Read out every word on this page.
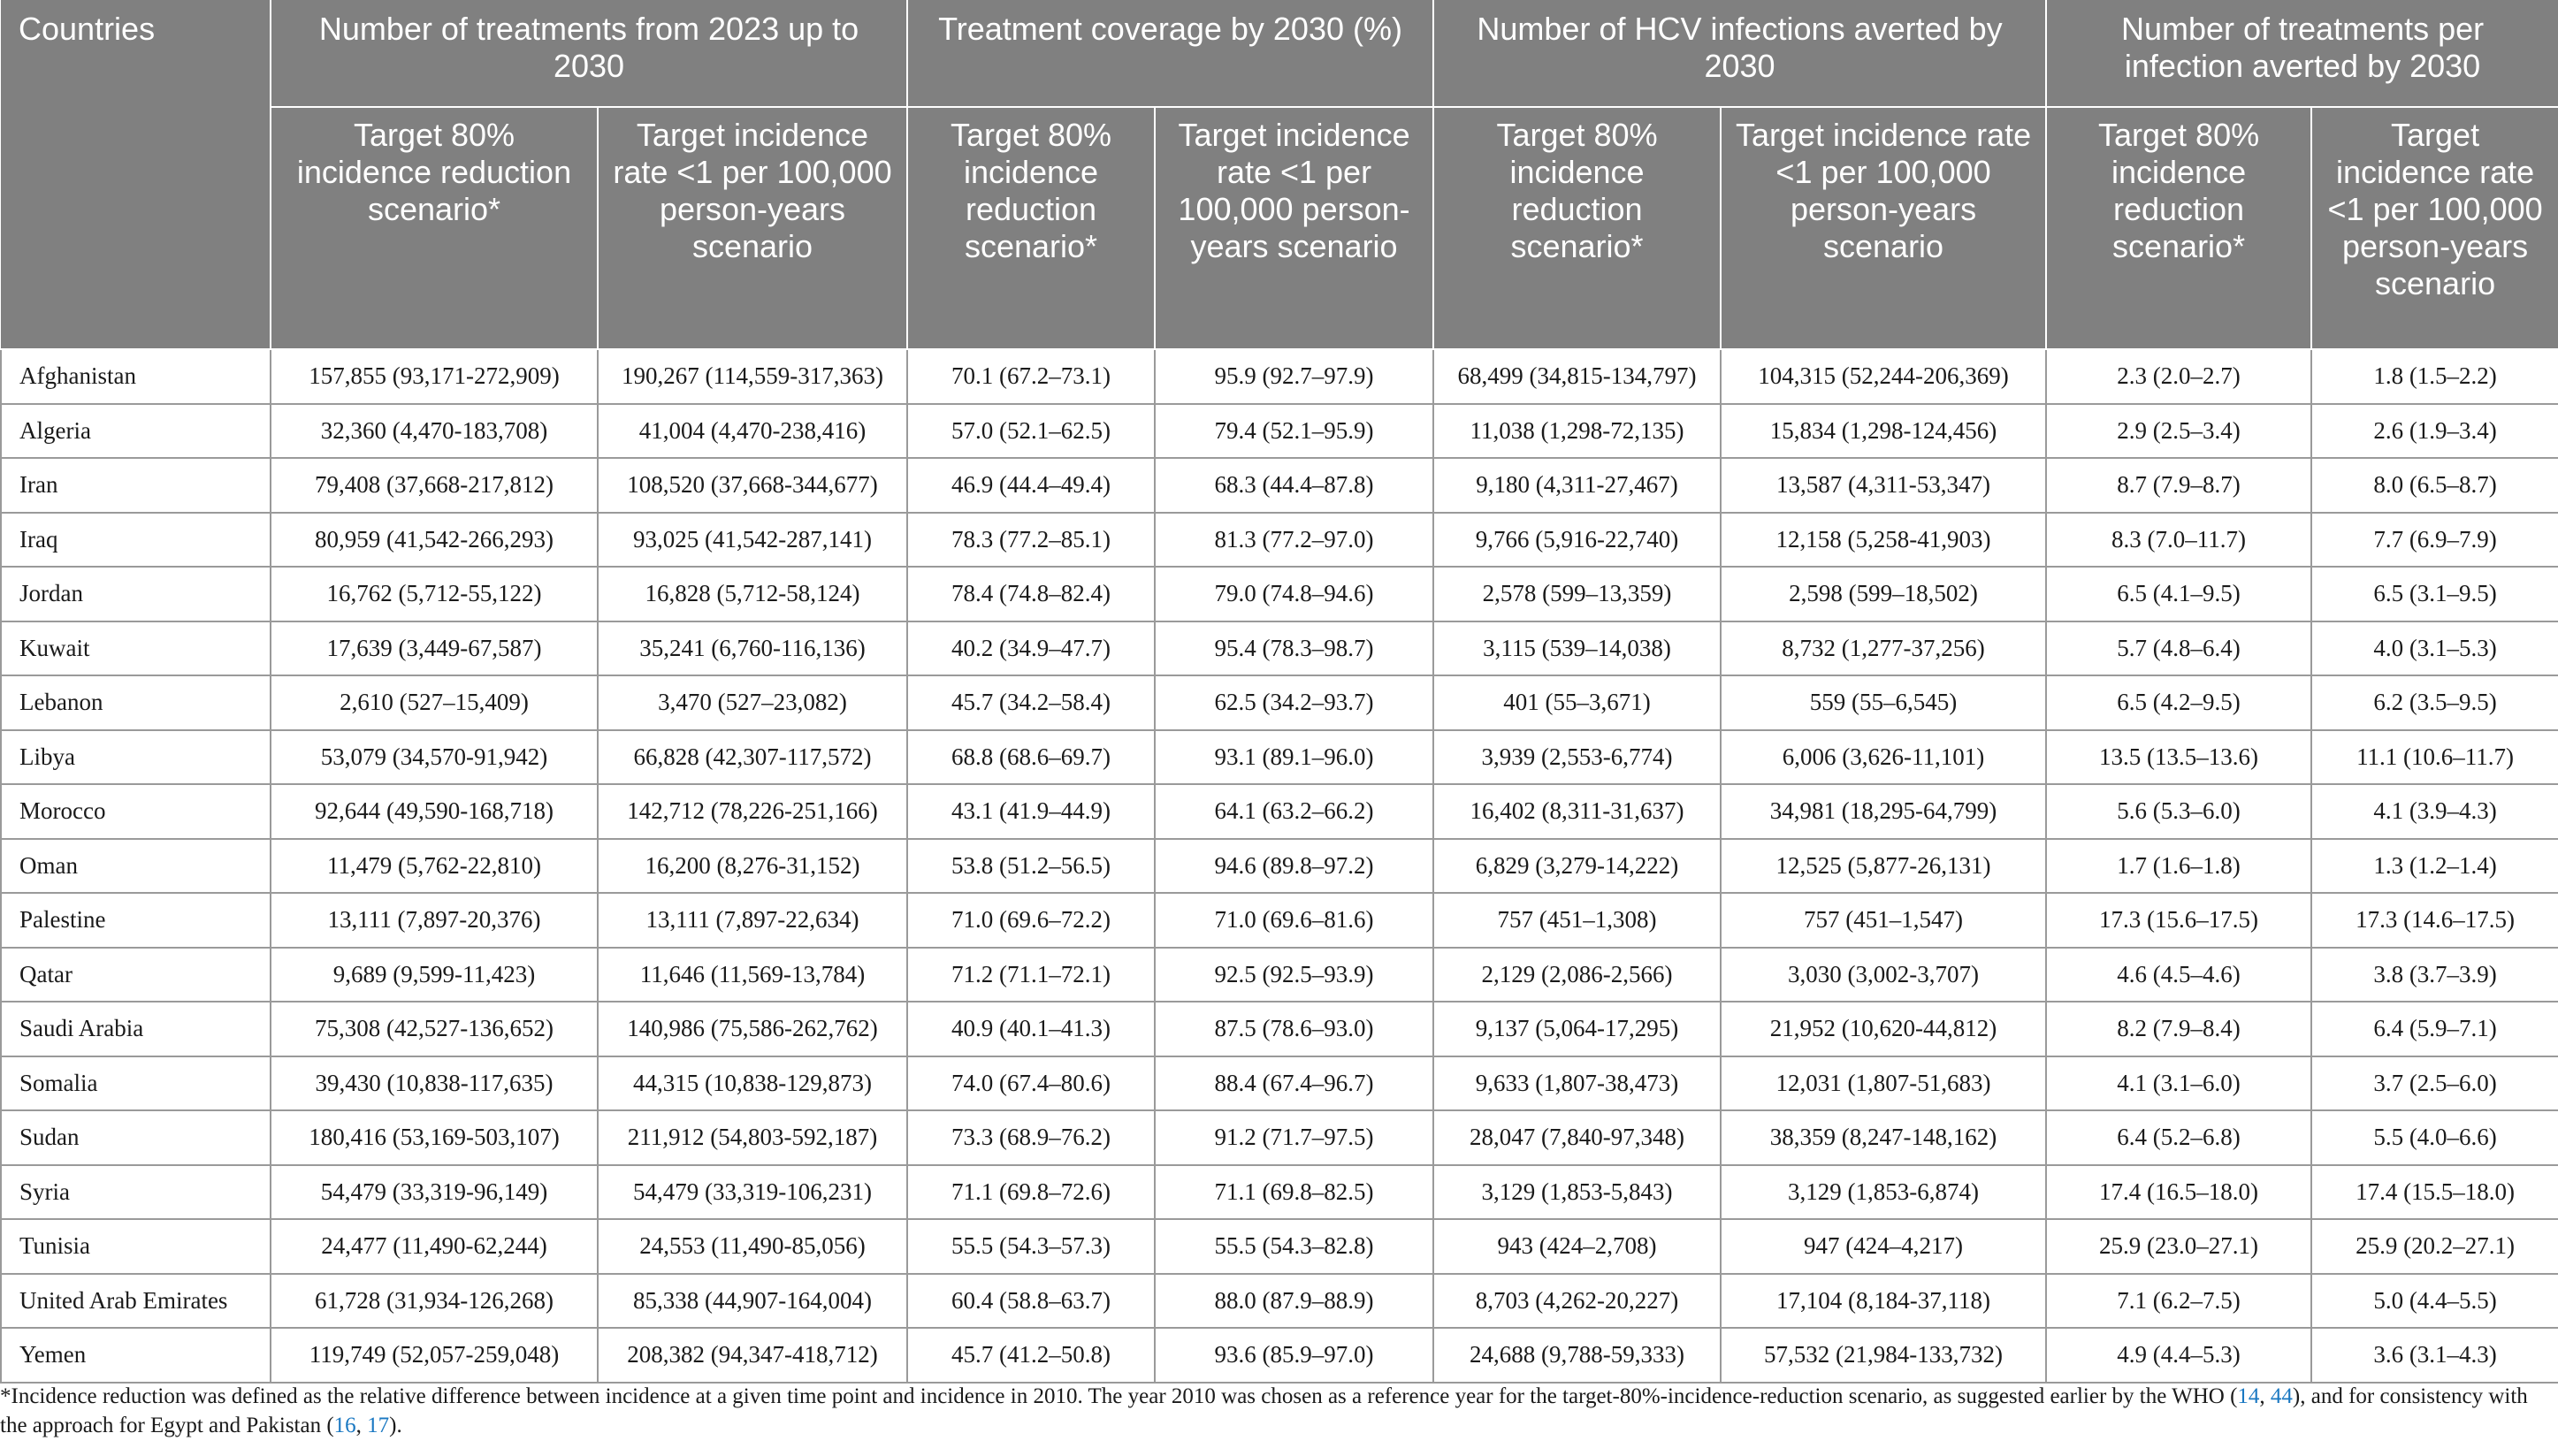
Countries	Number of treatments from 2023 up to 2030		Treatment coverage by 2030 (%)		Number of HCV infections averted by 2030		Number of treatments per infection averted by 2030	
	Target 80% incidence reduction scenario*	Target incidence rate <1 per 100,000 person-years scenario	Target 80% incidence reduction scenario*	Target incidence rate <1 per 100,000 person-years scenario	Target 80% incidence reduction scenario*	Target incidence rate <1 per 100,000 person-years scenario	Target 80% incidence reduction scenario*	Target incidence rate <1 per 100,000 person-years scenario
Afghanistan	157,855 (93,171-272,909)	190,267 (114,559-317,363)	70.1 (67.2–73.1)	95.9 (92.7–97.9)	68,499 (34,815-134,797)	104,315 (52,244-206,369)	2.3 (2.0–2.7)	1.8 (1.5–2.2)
Algeria	32,360 (4,470-183,708)	41,004 (4,470-238,416)	57.0 (52.1–62.5)	79.4 (52.1–95.9)	11,038 (1,298-72,135)	15,834 (1,298-124,456)	2.9 (2.5–3.4)	2.6 (1.9–3.4)
Iran	79,408 (37,668-217,812)	108,520 (37,668-344,677)	46.9 (44.4–49.4)	68.3 (44.4–87.8)	9,180 (4,311-27,467)	13,587 (4,311-53,347)	8.7 (7.9–8.7)	8.0 (6.5–8.7)
Iraq	80,959 (41,542-266,293)	93,025 (41,542-287,141)	78.3 (77.2–85.1)	81.3 (77.2–97.0)	9,766 (5,916-22,740)	12,158 (5,258-41,903)	8.3 (7.0–11.7)	7.7 (6.9–7.9)
Jordan	16,762 (5,712-55,122)	16,828 (5,712-58,124)	78.4 (74.8–82.4)	79.0 (74.8–94.6)	2,578 (599–13,359)	2,598 (599–18,502)	6.5 (4.1–9.5)	6.5 (3.1–9.5)
Kuwait	17,639 (3,449-67,587)	35,241 (6,760-116,136)	40.2 (34.9–47.7)	95.4 (78.3–98.7)	3,115 (539–14,038)	8,732 (1,277-37,256)	5.7 (4.8–6.4)	4.0 (3.1–5.3)
Lebanon	2,610 (527–15,409)	3,470 (527–23,082)	45.7 (34.2–58.4)	62.5 (34.2–93.7)	401 (55–3,671)	559 (55–6,545)	6.5 (4.2–9.5)	6.2 (3.5–9.5)
Libya	53,079 (34,570-91,942)	66,828 (42,307-117,572)	68.8 (68.6–69.7)	93.1 (89.1–96.0)	3,939 (2,553-6,774)	6,006 (3,626-11,101)	13.5 (13.5–13.6)	11.1 (10.6–11.7)
Morocco	92,644 (49,590-168,718)	142,712 (78,226-251,166)	43.1 (41.9–44.9)	64.1 (63.2–66.2)	16,402 (8,311-31,637)	34,981 (18,295-64,799)	5.6 (5.3–6.0)	4.1 (3.9–4.3)
Oman	11,479 (5,762-22,810)	16,200 (8,276-31,152)	53.8 (51.2–56.5)	94.6 (89.8–97.2)	6,829 (3,279-14,222)	12,525 (5,877-26,131)	1.7 (1.6–1.8)	1.3 (1.2–1.4)
Palestine	13,111 (7,897-20,376)	13,111 (7,897-22,634)	71.0 (69.6–72.2)	71.0 (69.6–81.6)	757 (451–1,308)	757 (451–1,547)	17.3 (15.6–17.5)	17.3 (14.6–17.5)
Qatar	9,689 (9,599-11,423)	11,646 (11,569-13,784)	71.2 (71.1–72.1)	92.5 (92.5–93.9)	2,129 (2,086-2,566)	3,030 (3,002-3,707)	4.6 (4.5–4.6)	3.8 (3.7–3.9)
Saudi Arabia	75,308 (42,527-136,652)	140,986 (75,586-262,762)	40.9 (40.1–41.3)	87.5 (78.6–93.0)	9,137 (5,064-17,295)	21,952 (10,620-44,812)	8.2 (7.9–8.4)	6.4 (5.9–7.1)
Somalia	39,430 (10,838-117,635)	44,315 (10,838-129,873)	74.0 (67.4–80.6)	88.4 (67.4–96.7)	9,633 (1,807-38,473)	12,031 (1,807-51,683)	4.1 (3.1–6.0)	3.7 (2.5–6.0)
Sudan	180,416 (53,169-503,107)	211,912 (54,803-592,187)	73.3 (68.9–76.2)	91.2 (71.7–97.5)	28,047 (7,840-97,348)	38,359 (8,247-148,162)	6.4 (5.2–6.8)	5.5 (4.0–6.6)
Syria	54,479 (33,319-96,149)	54,479 (33,319-106,231)	71.1 (69.8–72.6)	71.1 (69.8–82.5)	3,129 (1,853-5,843)	3,129 (1,853-6,874)	17.4 (16.5–18.0)	17.4 (15.5–18.0)
Tunisia	24,477 (11,490-62,244)	24,553 (11,490-85,056)	55.5 (54.3–57.3)	55.5 (54.3–82.8)	943 (424–2,708)	947 (424–4,217)	25.9 (23.0–27.1)	25.9 (20.2–27.1)
United Arab Emirates	61,728 (31,934-126,268)	85,338 (44,907-164,004)	60.4 (58.8–63.7)	88.0 (87.9–88.9)	8,703 (4,262-20,227)	17,104 (8,184-37,118)	7.1 (6.2–7.5)	5.0 (4.4–5.5)
Yemen	119,749 (52,057-259,048)	208,382 (94,347-418,712)	45.7 (41.2–50.8)	93.6 (85.9–97.0)	24,688 (9,788-59,333)	57,532 (21,984-133,732)	4.9 (4.4–5.3)	3.6 (3.1–4.3)
*Incidence reduction was defined as the relative difference between incidence at a given time point and incidence in 2010. The year 2010 was chosen as a reference year for the target-80%-incidence-reduction scenario, as suggested earlier by the WHO (14, 44), and for consistency with the approach for Egypt and Pakistan (16, 17).
